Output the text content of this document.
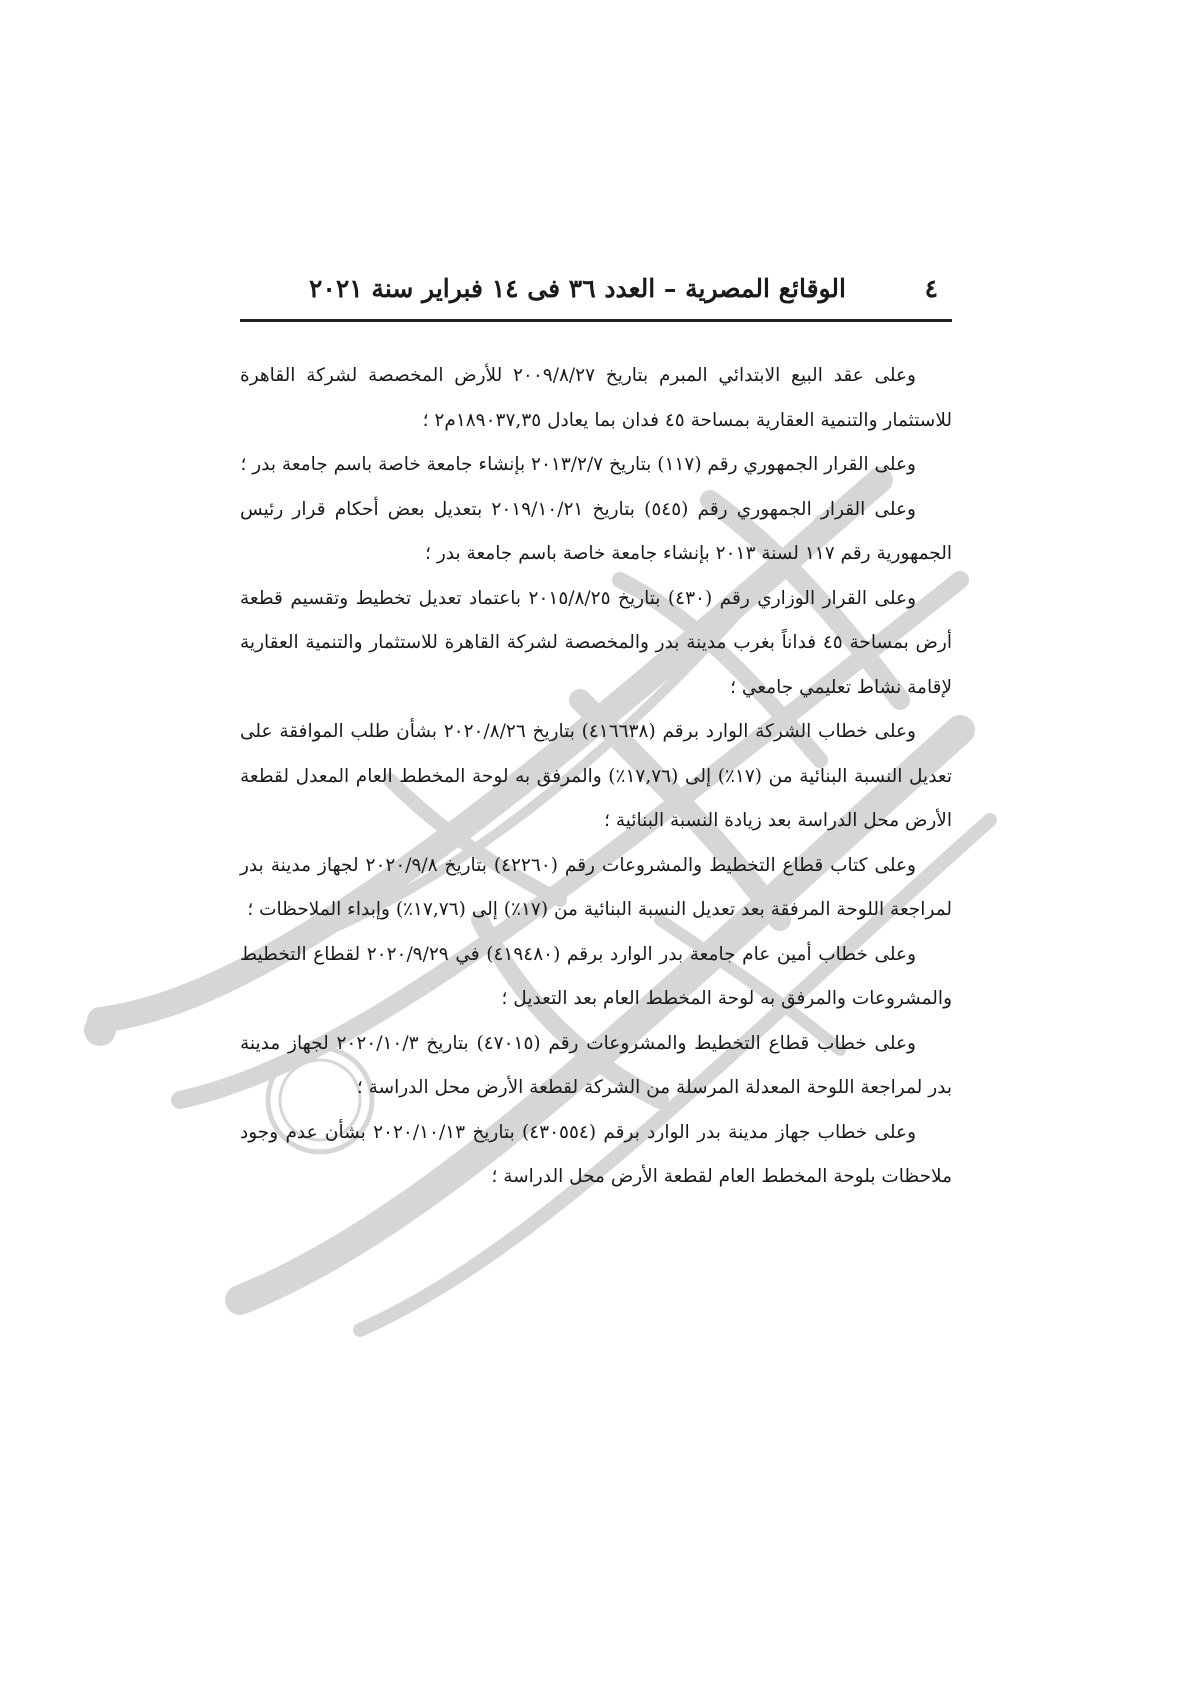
٤
الوقائع المصرية – العدد ٣٦ فى ١٤ فبراير سنة ٢٠٢١

وعلى عقد البيع الابتدائي المبرم بتاريخ ٢٠٠٩/٨/٢٧ للأرض المخصصة لشركة القاهرة للاستثمار والتنمية العقارية بمساحة ٤٥ فدان بما يعادل ١٨٩٠٣٧,٣٥م٢ ؛

وعلى القرار الجمهوري رقم (١١٧) بتاريخ ٢٠١٣/٢/٧ بإنشاء جامعة خاصة باسم جامعة بدر ؛

وعلى القرار الجمهوري رقم (٥٤٥) بتاريخ ٢٠١٩/١٠/٢١ بتعديل بعض أحكام قرار رئيس الجمهورية رقم ١١٧ لسنة ٢٠١٣ بإنشاء جامعة خاصة باسم جامعة بدر ؛

وعلى القرار الوزاري رقم (٤٣٠) بتاريخ ٢٠١٥/٨/٢٥ باعتماد تعديل تخطيط وتقسيم قطعة أرض بمساحة ٤٥ فداناً بغرب مدينة بدر والمخصصة لشركة القاهرة للاستثمار والتنمية العقارية لإقامة نشاط تعليمي جامعي ؛

وعلى خطاب الشركة الوارد برقم (٤١٦٦٣٨) بتاريخ ٢٠٢٠/٨/٢٦ بشأن طلب الموافقة على تعديل النسبة البنائية من (١٧٪) إلى (١٧,٧٦٪) والمرفق به لوحة المخطط العام المعدل لقطعة الأرض محل الدراسة بعد زيادة النسبة البنائية ؛

وعلى كتاب قطاع التخطيط والمشروعات رقم (٤٢٢٦٠) بتاريخ ٢٠٢٠/٩/٨ لجهاز مدينة بدر لمراجعة اللوحة المرفقة بعد تعديل النسبة البنائية من (١٧٪) إلى (١٧,٧٦٪) وإبداء الملاحظات ؛

وعلى خطاب أمين عام جامعة بدر الوارد برقم (٤١٩٤٨٠) في ٢٠٢٠/٩/٢٩ لقطاع التخطيط والمشروعات والمرفق به لوحة المخطط العام بعد التعديل ؛

وعلى خطاب قطاع التخطيط والمشروعات رقم (٤٧٠١٥) بتاريخ ٢٠٢٠/١٠/٣ لجهاز مدينة بدر لمراجعة اللوحة المعدلة المرسلة من الشركة لقطعة الأرض محل الدراسة ؛

وعلى خطاب جهاز مدينة بدر الوارد برقم (٤٣٠٥٥٤) بتاريخ ٢٠٢٠/١٠/١٣ بشأن عدم وجود ملاحظات بلوحة المخطط العام لقطعة الأرض محل الدراسة ؛
